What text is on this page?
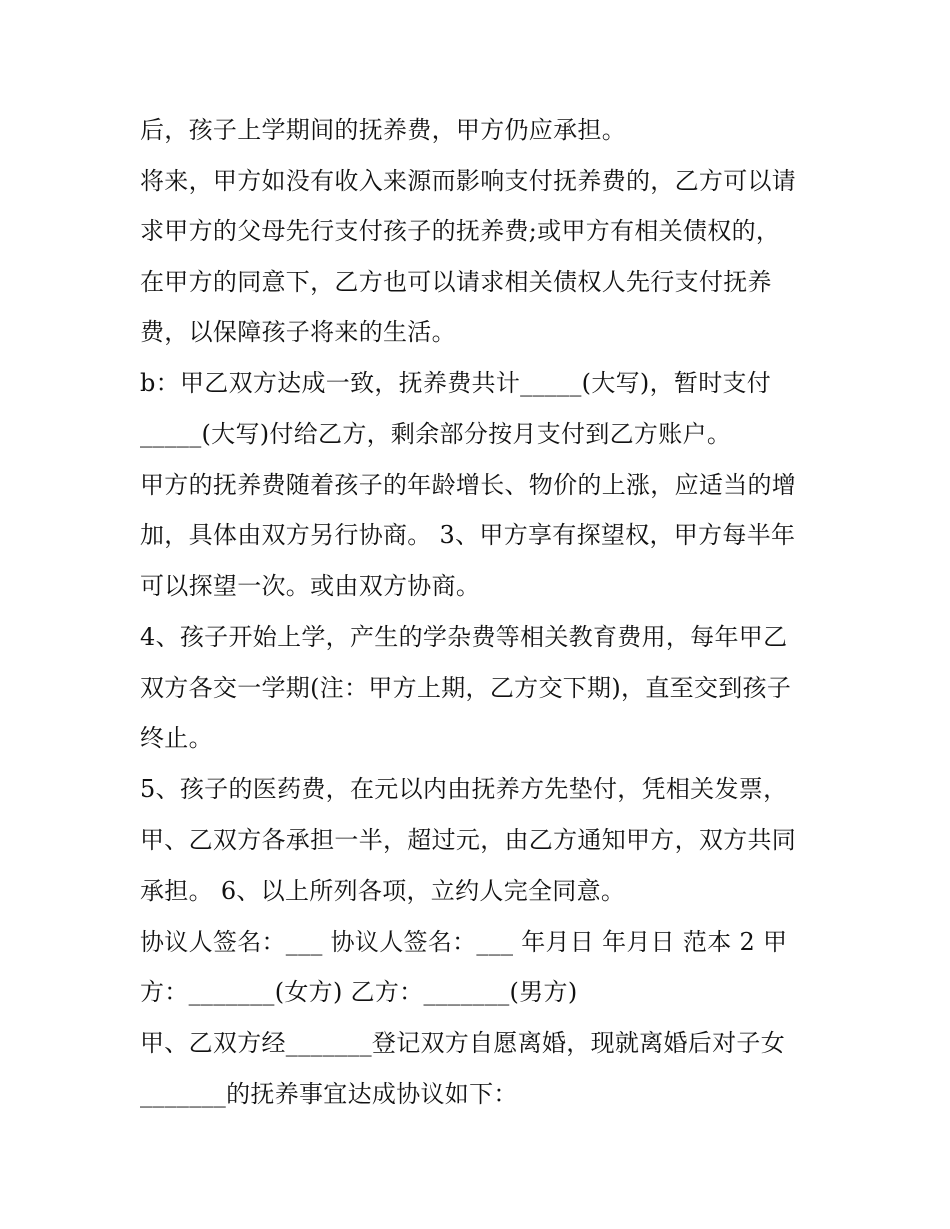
后，孩子上学期间的抚养费，甲方仍应承担。
将来，甲方如没有收入来源而影响支付抚养费的，乙方可以请
求甲方的父母先行支付孩子的抚养费;或甲方有相关债权的，
在甲方的同意下，乙方也可以请求相关债权人先行支付抚养
费，以保障孩子将来的生活。
b：甲乙双方达成一致，抚养费共计_____(大写)，暂时支付
_____(大写)付给乙方，剩余部分按月支付到乙方账户。
甲方的抚养费随着孩子的年龄增长、物价的上涨，应适当的增
加，具体由双方另行协商。 3、甲方享有探望权，甲方每半年
可以探望一次。或由双方协商。
4、孩子开始上学，产生的学杂费等相关教育费用，每年甲乙
双方各交一学期(注：甲方上期，乙方交下期)，直至交到孩子
终止。
5、孩子的医药费，在元以内由抚养方先垫付，凭相关发票，
甲、乙双方各承担一半，超过元，由乙方通知甲方，双方共同
承担。 6、以上所列各项，立约人完全同意。
协议人签名：___ 协议人签名：___ 年月日 年月日 范本 2 甲
方：_______(女方) 乙方：_______(男方)
甲、乙双方经_______登记双方自愿离婚，现就离婚后对子女
_______的抚养事宜达成协议如下：
